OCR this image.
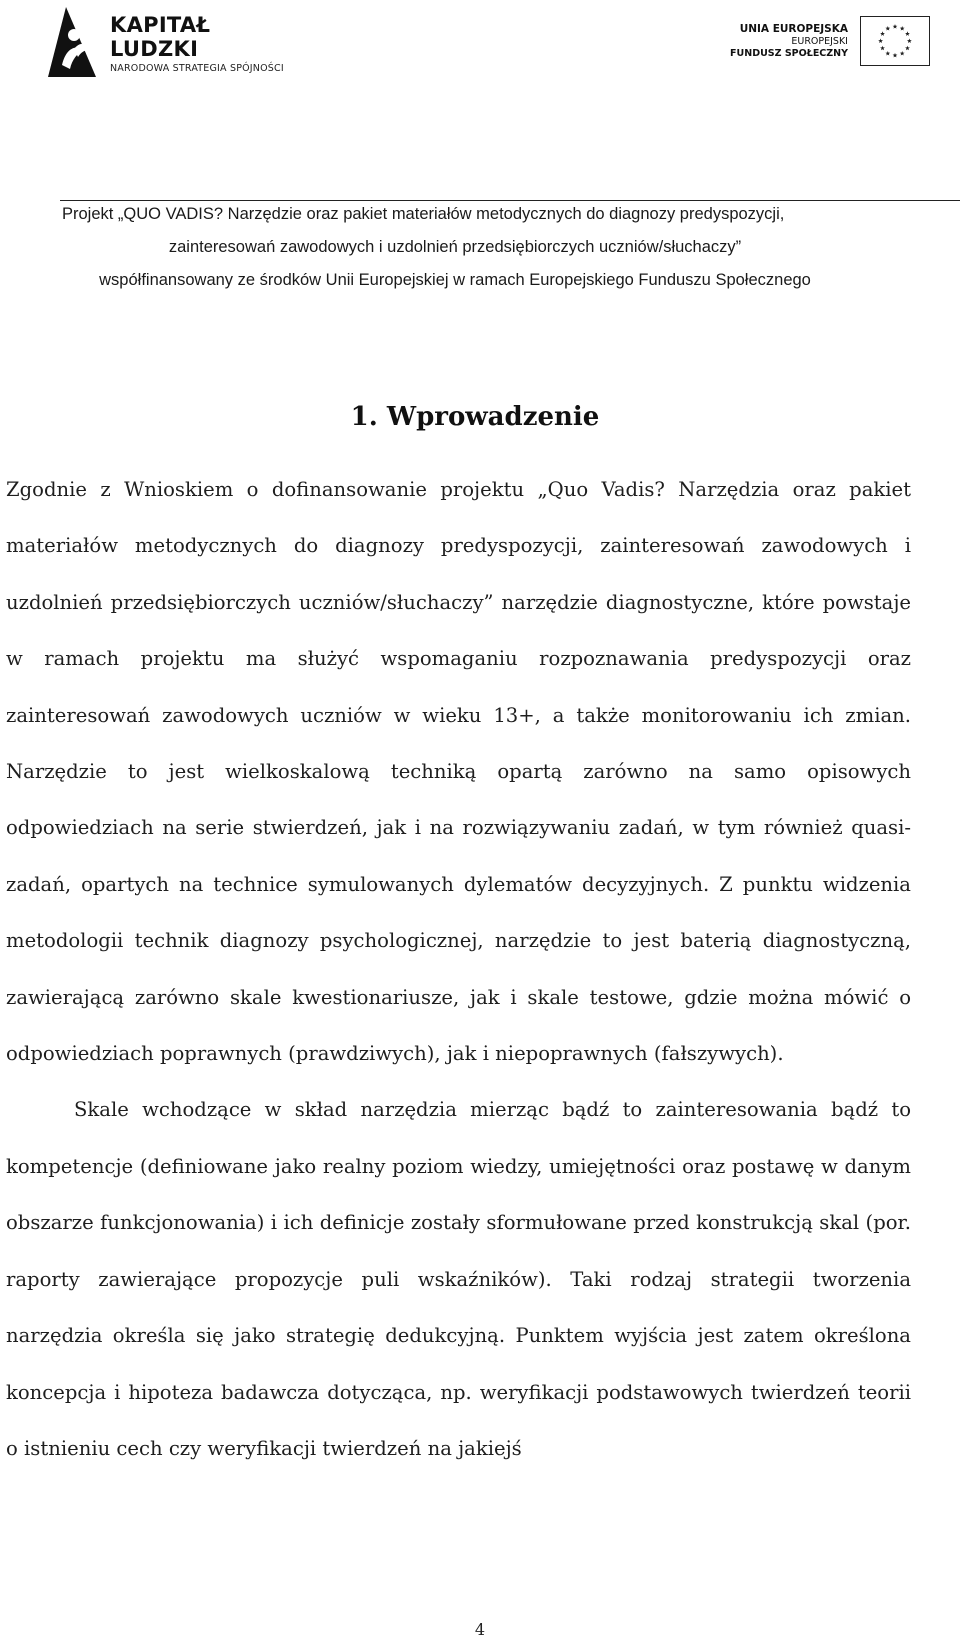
KAPITAŁ LUDZKI
NARODOWA STRATEGIA SPÓJNOŚCI
UNIA EUROPEJSKA
EUROPEJSKI
FUNDUSZ SPOŁECZNY
Projekt „QUO VADIS? Narzędzie oraz pakiet materiałów metodycznych do diagnozy predyspozycji,
zainteresowań zawodowych i uzdolnień przedsiębiorczych uczniów/słuchaczy”
współfinansowany ze środków Unii Europejskiej w ramach Europejskiego Funduszu Społecznego
1. Wprowadzenie

Zgodnie z Wnioskiem o dofinansowanie projektu „Quo Vadis? Narzędzia oraz pakiet materiałów metodycznych do diagnozy predyspozycji, zainteresowań zawodowych i uzdolnień przedsiębiorczych uczniów/słuchaczy” narzędzie diagnostyczne, które powstaje w ramach projektu ma służyć wspomaganiu rozpoznawania predyspozycji oraz zainteresowań zawodowych uczniów w wieku 13+, a także monitorowaniu ich zmian. Narzędzie to jest wielkoskalową techniką opartą zarówno na samo opisowych odpowiedziach na serie stwierdzeń, jak i na rozwiązywaniu zadań, w tym również quasi-zadań, opartych na technice symulowanych dylematów decyzyjnych. Z punktu widzenia metodologii technik diagnozy psychologicznej, narzędzie to jest baterią diagnostyczną, zawierającą zarówno skale kwestionariusze, jak i skale testowe, gdzie można mówić o odpowiedziach poprawnych (prawdziwych), jak i niepoprawnych (fałszywych).

Skale wchodzące w skład narzędzia mierząc bądź to zainteresowania bądź to kompetencje (definiowane jako realny poziom wiedzy, umiejętności oraz postawę w danym obszarze funkcjonowania) i ich definicje zostały sformułowane przed konstrukcją skal (por. raporty zawierające propozycje puli wskaźników). Taki rodzaj strategii tworzenia narzędzia określa się jako strategię dedukcyjną. Punktem wyjścia jest zatem określona koncepcja i hipoteza badawcza dotycząca, np. weryfikacji podstawowych twierdzeń teorii o istnieniu cech czy weryfikacji twierdzeń na jakiejś

4
